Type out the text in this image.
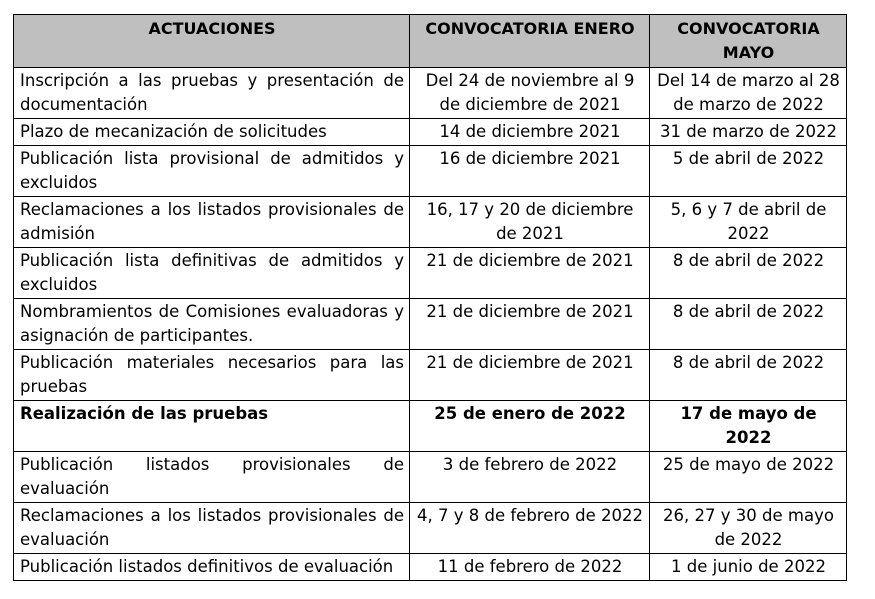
ACTUACIONES	CONVOCATORIA ENERO	CONVOCATORIA MAYO
Inscripción a las pruebas y presentación de documentación	Del 24 de noviembre al 9 de diciembre de 2021	Del 14 de marzo al 28 de marzo de 2022
Plazo de mecanización de solicitudes	14 de diciembre 2021	31 de marzo de 2022
Publicación lista provisional de admitidos y excluidos	16 de diciembre 2021	5 de abril de 2022
Reclamaciones a los listados provisionales de admisión	16, 17 y 20 de diciembre de 2021	5, 6 y 7 de abril de 2022
Publicación lista definitivas de admitidos y excluidos	21 de diciembre de 2021	8 de abril de 2022
Nombramientos de Comisiones evaluadoras y asignación de participantes.	21 de diciembre de 2021	8 de abril de 2022
Publicación materiales necesarios para las pruebas	21 de diciembre de 2021	8 de abril de 2022
Realización de las pruebas	25 de enero de 2022	17 de mayo de 2022
Publicación listados provisionales de evaluación	3 de febrero de 2022	25 de mayo de 2022
Reclamaciones a los listados provisionales de evaluación	4, 7 y 8 de febrero de 2022	26, 27 y 30 de mayo de 2022
Publicación listados definitivos de evaluación	11 de febrero de 2022	1 de junio de 2022
